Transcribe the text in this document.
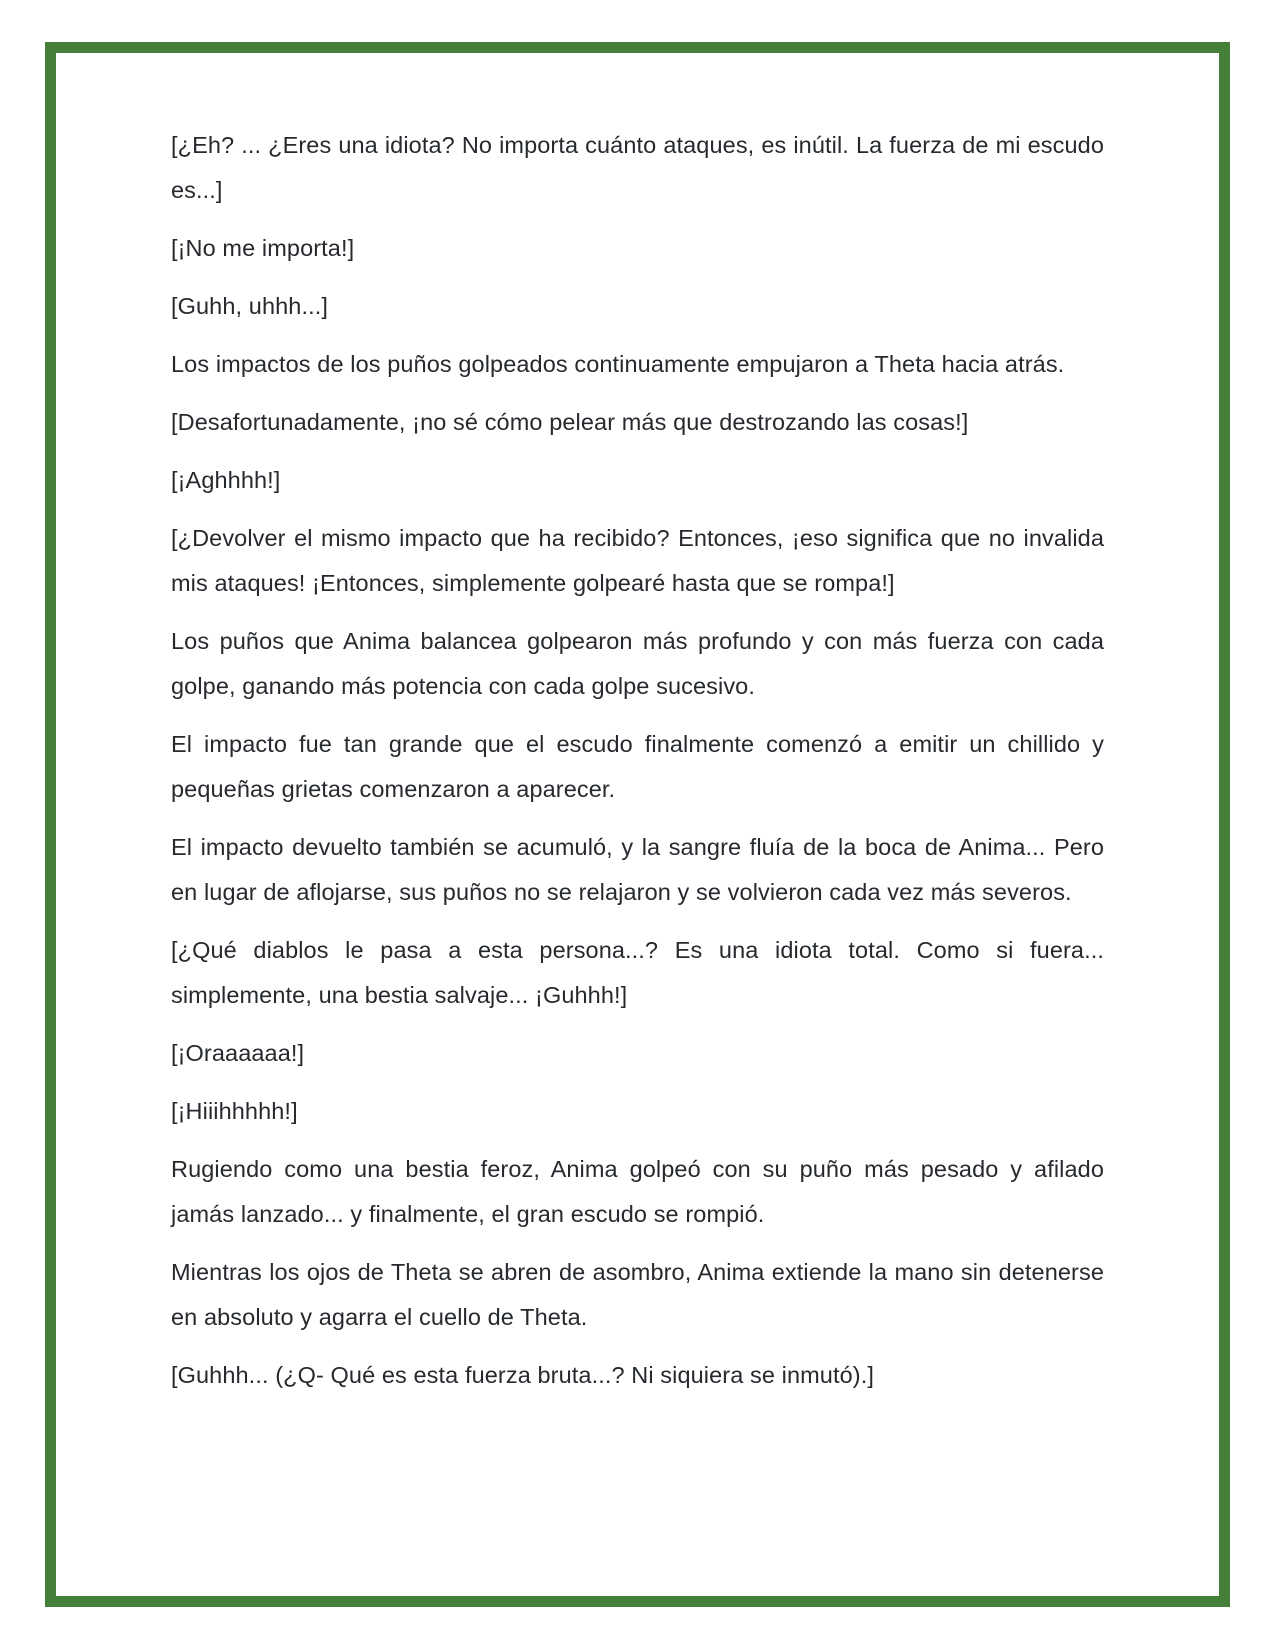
[¿Eh? ... ¿Eres una idiota? No importa cuánto ataques, es inútil. La fuerza de mi escudo es...]

[¡No me importa!]

[Guhh, uhhh...]

Los impactos de los puños golpeados continuamente empujaron a Theta hacia atrás.

[Desafortunadamente, ¡no sé cómo pelear más que destrozando las cosas!]

[¡Aghhhh!]

[¿Devolver el mismo impacto que ha recibido? Entonces, ¡eso significa que no invalida mis ataques! ¡Entonces, simplemente golpearé hasta que se rompa!]

Los puños que Anima balancea golpearon más profundo y con más fuerza con cada golpe, ganando más potencia con cada golpe sucesivo.

El impacto fue tan grande que el escudo finalmente comenzó a emitir un chillido y pequeñas grietas comenzaron a aparecer.

El impacto devuelto también se acumuló, y la sangre fluía de la boca de Anima... Pero en lugar de aflojarse, sus puños no se relajaron y se volvieron cada vez más severos.

[¿Qué diablos le pasa a esta persona...? Es una idiota total. Como si fuera... simplemente, una bestia salvaje... ¡Guhhh!]

[¡Oraaaaaa!]

[¡Hiiihhhhh!]

Rugiendo como una bestia feroz, Anima golpeó con su puño más pesado y afilado jamás lanzado... y finalmente, el gran escudo se rompió.

Mientras los ojos de Theta se abren de asombro, Anima extiende la mano sin detenerse en absoluto y agarra el cuello de Theta.

[Guhhh... (¿Q- Qué es esta fuerza bruta...? Ni siquiera se inmutó).]
